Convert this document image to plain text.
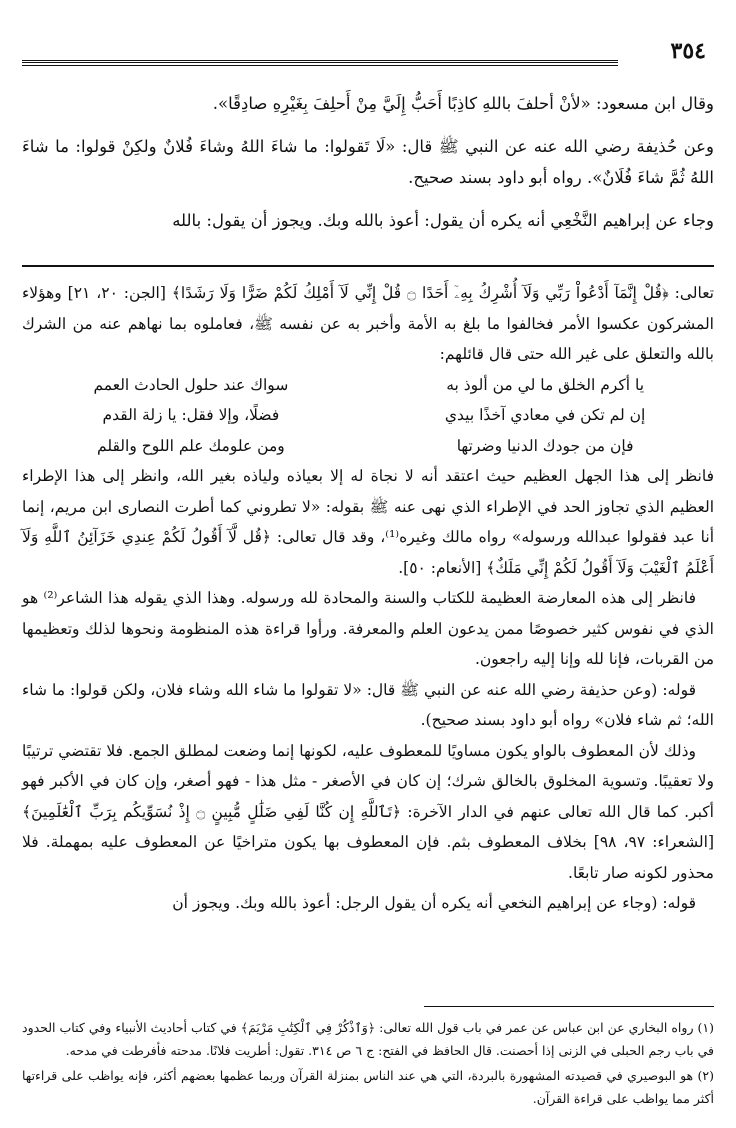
٣٥٤

وقال ابن مسعود: «لأنْ أحلفَ باللهِ كاذِبًا أَحَبُّ إِلَيَّ مِنْ أَحلِفَ بِغَيْرِهِ صادِقًا».

وعن حُذيفة رضي الله عنه عن النبي ﷺ قال: «لَا تَقولوا: ما شاءَ اللهُ وشاءَ فُلانٌ ولكِنْ قولوا: ما شاءَ اللهُ ثُمَّ شاءَ فُلَانٌ». رواه أبو داود بسند صحيح.

وجاء عن إبراهيم النَّخْعِي أنه يكره أن يقول: أعوذ بالله وبك. ويجوز أن يقول: بالله

تعالى: ﴿قُلْ إِنَّمَآ أَدْعُواْ رَبِّي وَلَآ أُشْرِكُ بِهِۦٓ أَحَدًا ۝ قُلْ إِنِّي لَآ أَمْلِكُ لَكُمْ ضَرًّا وَلَا رَشَدًا﴾ [الجن: ٢٠، ٢١] وهؤلاء المشركون عكسوا الأمر فخالفوا ما بلغ به الأمة وأخبر به عن نفسه ﷺ، فعاملوه بما نهاهم عنه من الشرك بالله والتعلق على غير الله حتى قال قائلهم:

يا أكرم الخلق ما لي من ألوذ به
سواك عند حلول الحادث العمم
إن لم تكن في معادي آخذًا بيدي
فضلًا، وإلا فقل: يا زلة القدم
فإن من جودك الدنيا وضرتها
ومن علومك علم اللوح والقلم

فانظر إلى هذا الجهل العظيم حيث اعتقد أنه لا نجاة له إلا بعياذه ولياذه بغير الله، وانظر إلى هذا الإطراء العظيم الذي تجاوز الحد في الإطراء الذي نهى عنه ﷺ بقوله: «لا تطروني كما أطرت النصارى ابن مريم، إنما أنا عبد فقولوا عبدالله ورسوله» رواه مالك وغيره⁽¹⁾، وقد قال تعالى: ﴿قُل لَّآ أَقُولُ لَكُمْ عِندِي خَزَآئِنُ ٱللَّهِ وَلَآ أَعْلَمُ ٱلْغَيْبَ وَلَآ أَقُولُ لَكُمْ إِنِّي مَلَكٌ﴾ [الأنعام: ٥٠].

فانظر إلى هذه المعارضة العظيمة للكتاب والسنة والمحادة لله ورسوله. وهذا الذي يقوله هذا الشاعر⁽²⁾ هو الذي في نفوس كثير خصوصًا ممن يدعون العلم والمعرفة. ورأوا قراءة هذه المنظومة ونحوها لذلك وتعظيمها من القربات، فإنا لله وإنا إليه راجعون.

قوله: (وعن حذيفة رضي الله عنه عن النبي ﷺ قال: «لا تقولوا ما شاء الله وشاء فلان، ولكن قولوا: ما شاء الله؛ ثم شاء فلان» رواه أبو داود بسند صحيح).

وذلك لأن المعطوف بالواو يكون مساويًا للمعطوف عليه، لكونها إنما وضعت لمطلق الجمع. فلا تقتضي ترتيبًا ولا تعقيبًا. وتسوية المخلوق بالخالق شرك؛ إن كان في الأصغر - مثل هذا - فهو أصغر، وإن كان في الأكبر فهو أكبر. كما قال الله تعالى عنهم في الدار الآخرة: ﴿تَٱللَّهِ إِن كُنَّا لَفِي ضَلَٰلٍ مُّبِينٍ ۝ إِذْ نُسَوِّيكُم بِرَبِّ ٱلْعَٰلَمِينَ﴾ [الشعراء: ٩٧، ٩٨] بخلاف المعطوف بثم. فإن المعطوف بها يكون متراخيًا عن المعطوف عليه بمهملة. فلا محذور لكونه صار تابعًا.

قوله: (وجاء عن إبراهيم النخعي أنه يكره أن يقول الرجل: أعوذ بالله وبك. ويجوز أن

(١) رواه البخاري عن ابن عباس عن عمر في باب قول الله تعالى: ﴿وَٱذْكُرْ فِي ٱلْكِتَٰبِ مَرْيَمَ﴾ في كتاب أحاديث الأنبياء وفي كتاب الحدود في باب رجم الحبلى في الزنى إذا أحصنت. قال الحافظ في الفتح: ج ٦ ص ٣١٤. تقول: أطريت فلانًا. مدحته فأفرطت في مدحه.

(٢) هو البوصيري في قصيدته المشهورة بالبردة، التي هي عند الناس بمنزلة القرآن وربما عظمها بعضهم أكثر، فإنه يواظب على قراءتها أكثر مما يواظب على قراءة القرآن.
